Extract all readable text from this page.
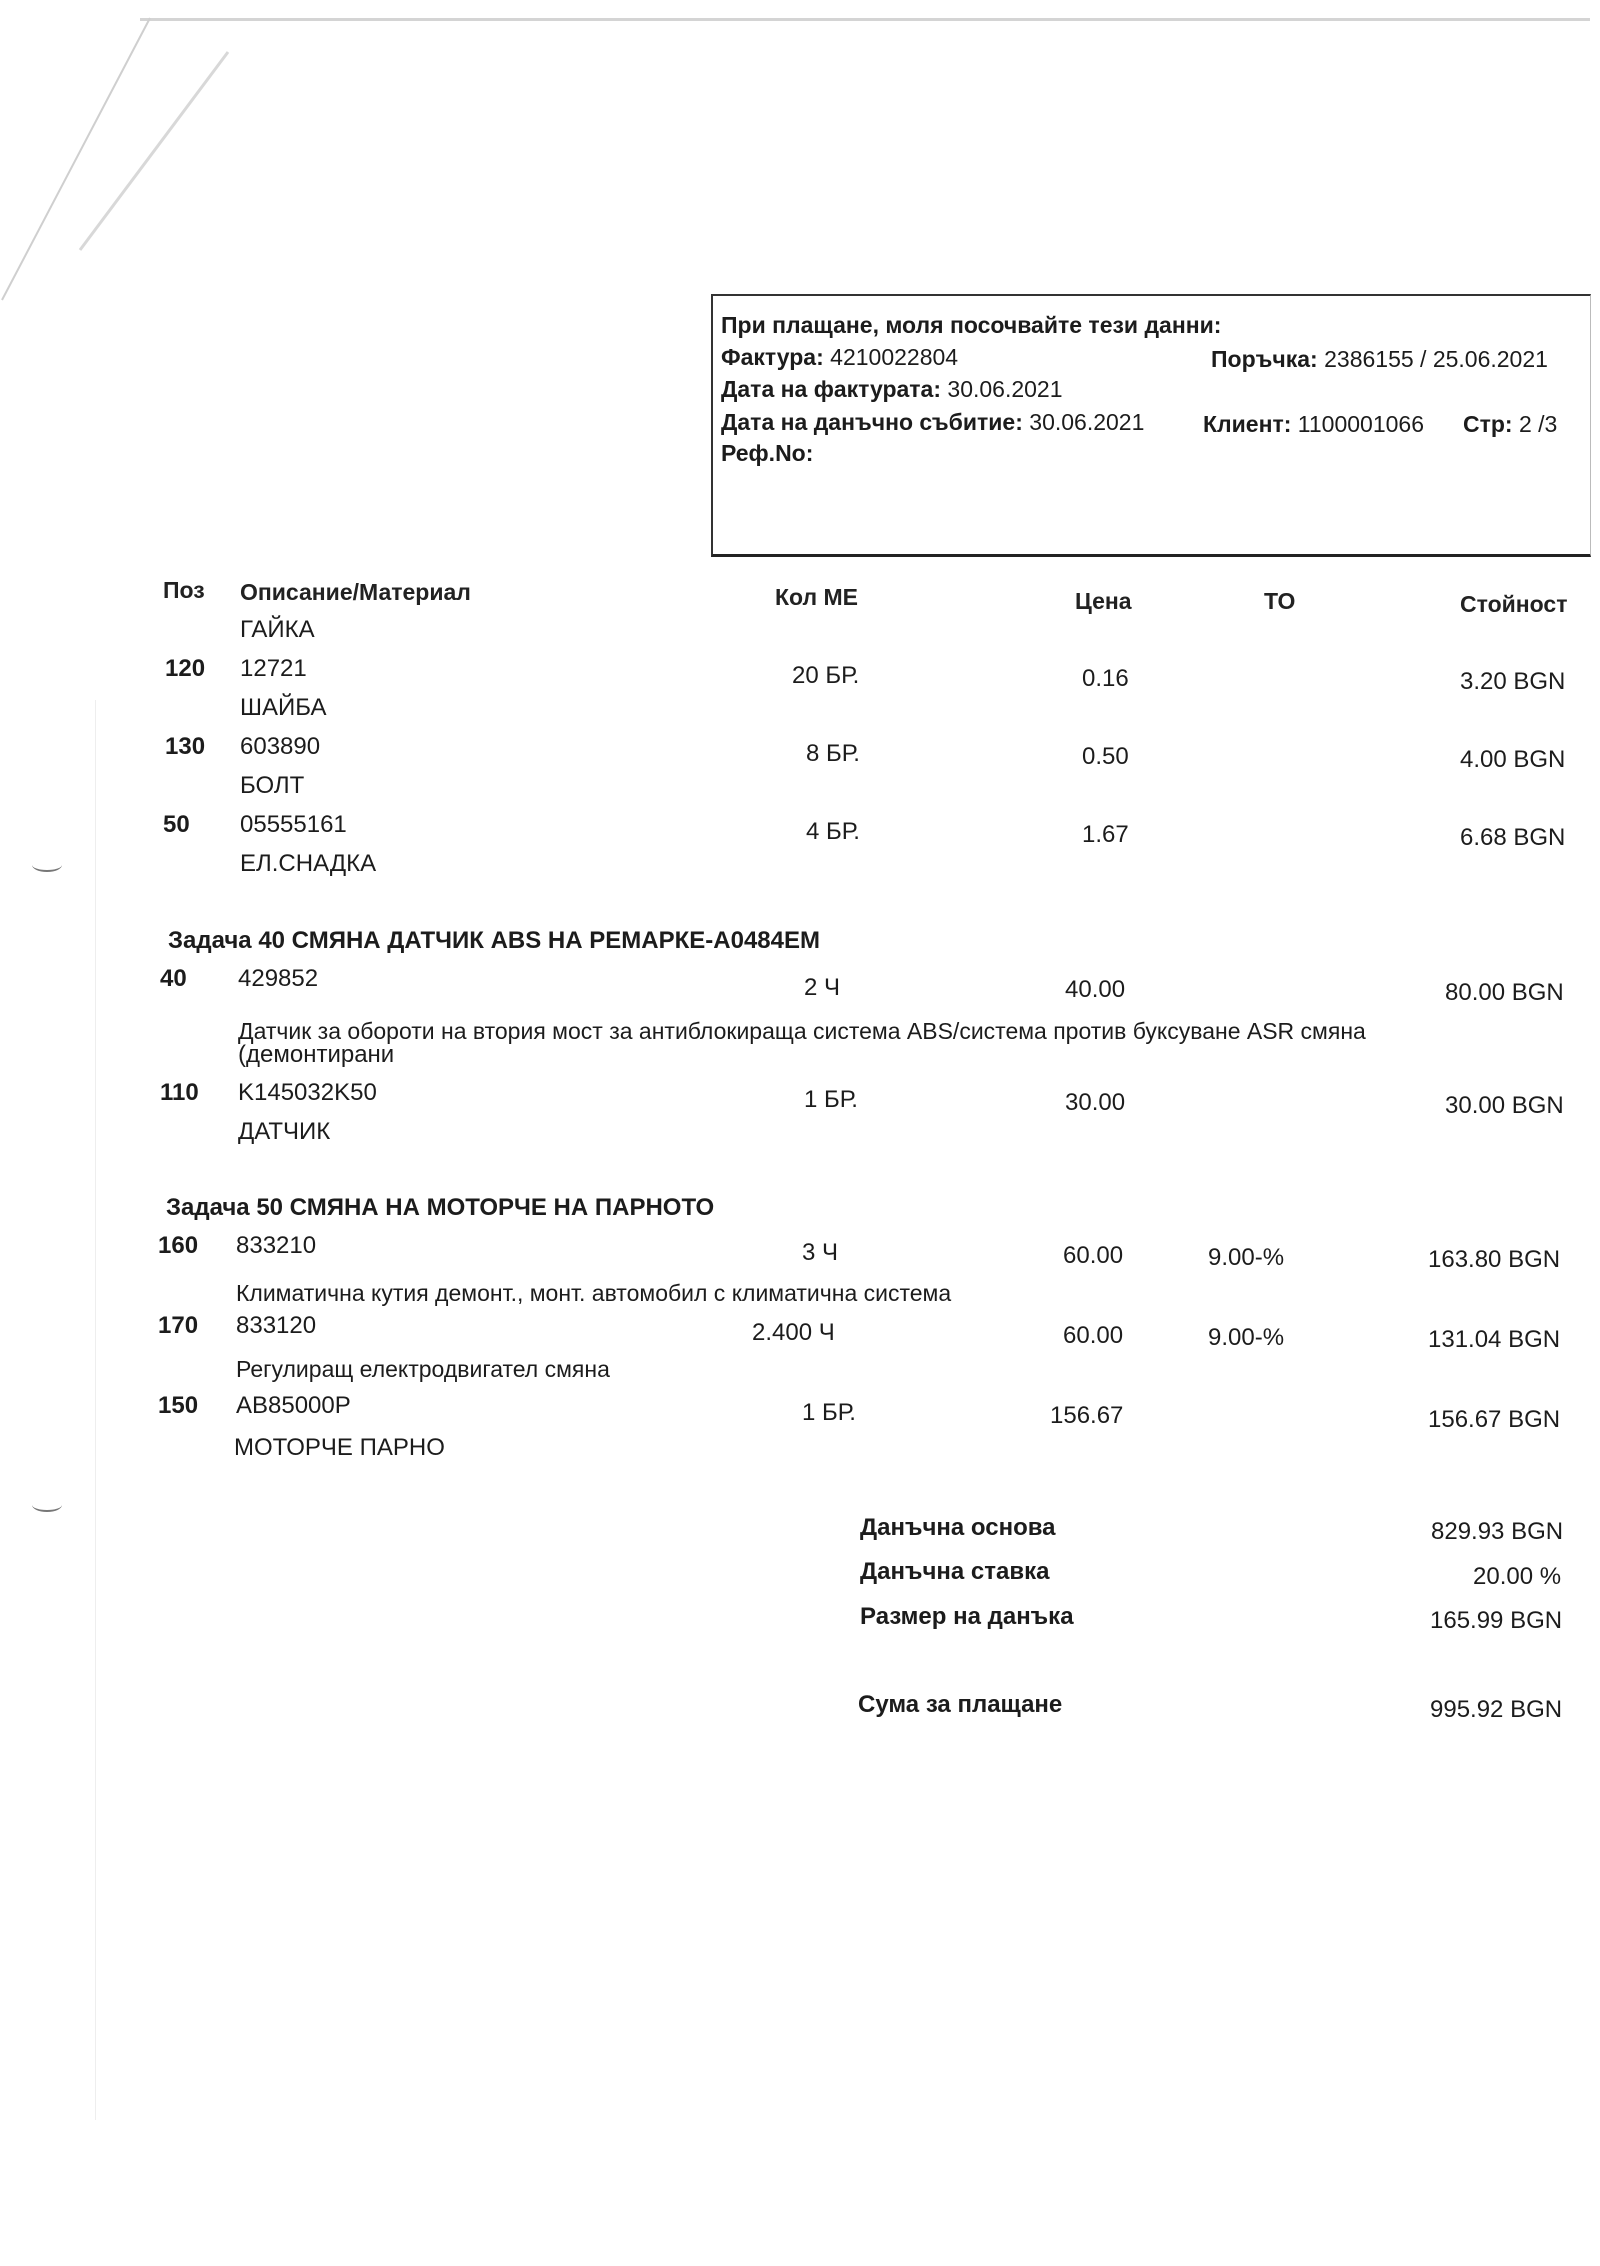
При плащане, моля посочвайте тези данни:
Фактура: 4210022804	Поръчка: 2386155 / 25.06.2021
Дата на фактурата: 30.06.2021
Дата на данъчно събитие: 30.06.2021	Клиент: 1100001066 Стр: 2 /3
Реф.No:
Поз Описание/Материал	Кол МЕ	Цена	ТО	Стойност
ГАЙКА
120 12721	20 БР.	0.16	3.20 BGN
ШАЙБА
130 603890	8 БР.	0.50	4.00 BGN
БОЛТ
50 05555161	4 БР.	1.67	6.68 BGN
ЕЛ.СНАДКА
Задача 40 СМЯНА ДАТЧИК ABS НА РЕМАРКЕ-A0484EM
40 429852	2 Ч	40.00	80.00 BGN
Датчик за обороти на втория мост за антиблокираща система ABS/система против буксуване ASR смяна
(демонтирани
110 K145032K50	1 БР.	30.00	30.00 BGN
ДАТЧИК
Задача 50 СМЯНА НА МОТОРЧЕ НА ПАРНОТО
160 833210	3 Ч	60.00	9.00-%	163.80 BGN
Климатична кутия демонт., монт. автомобил с климатична система
170 833120	2.400 Ч	60.00	9.00-%	131.04 BGN
Регулиращ електродвигател смяна
150 AB85000P	1 БР.	156.67	156.67 BGN
МОТОРЧЕ ПАРНО
Данъчна основа	829.93 BGN
Данъчна ставка	20.00 %
Размер на данъка	165.99 BGN
Сума за плащане	995.92 BGN
